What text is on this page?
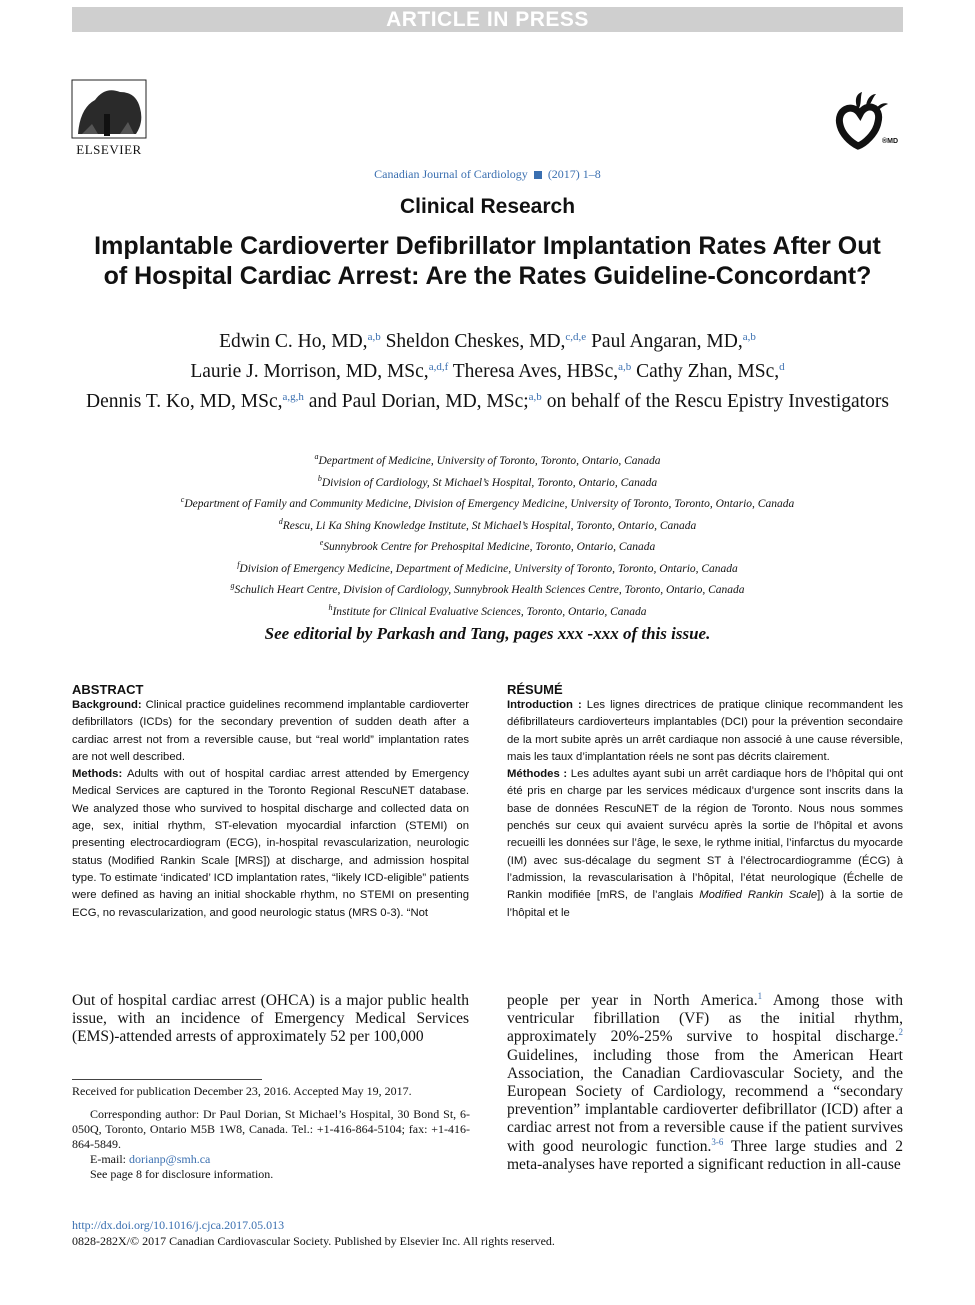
ARTICLE IN PRESS
ELSEVIER
®MD
Canadian Journal of Cardiology (2017) 1–8
Clinical Research
Implantable Cardioverter Defibrillator Implantation Rates After Out of Hospital Cardiac Arrest: Are the Rates Guideline-Concordant?
Edwin C. Ho, MD,$^{a,b}$ Sheldon Cheskes, MD,$^{c,d,e}$ Paul Angaran, MD,$^{a,b}$
Laurie J. Morrison, MD, MSc,$^{a,d,f}$ Theresa Aves, HBSc,$^{a,b}$ Cathy Zhan, MSc,$^d$
Dennis T. Ko, MD, MSc,$^{a,g,h}$ and Paul Dorian, MD, MSc;$^{a,b}$ on behalf of the Rescu Epistry Investigators
$^a$Department of Medicine, University of Toronto, Toronto, Ontario, Canada
$^b$Division of Cardiology, St Michael’s Hospital, Toronto, Ontario, Canada
$^c$Department of Family and Community Medicine, Division of Emergency Medicine, University of Toronto, Toronto, Ontario, Canada
$^d$Rescu, Li Ka Shing Knowledge Institute, St Michael’s Hospital, Toronto, Ontario, Canada
$^e$Sunnybrook Centre for Prehospital Medicine, Toronto, Ontario, Canada
$^f$Division of Emergency Medicine, Department of Medicine, University of Toronto, Toronto, Ontario, Canada
$^g$Schulich Heart Centre, Division of Cardiology, Sunnybrook Health Sciences Centre, Toronto, Ontario, Canada
$^h$Institute for Clinical Evaluative Sciences, Toronto, Ontario, Canada
See editorial by Parkash and Tang, pages xxx -xxx of this issue.
ABSTRACT

Background: Clinical practice guidelines recommend implantable cardioverter defibrillators (ICDs) for the secondary prevention of sudden death after a cardiac arrest not from a reversible cause, but “real world” implantation rates are not well described.

Methods: Adults with out of hospital cardiac arrest attended by Emergency Medical Services are captured in the Toronto Regional RescuNET database. We analyzed those who survived to hospital discharge and collected data on age, sex, initial rhythm, ST-elevation myocardial infarction (STEMI) on presenting electrocardiogram (ECG), in-hospital revascularization, neurologic status (Modified Rankin Scale [MRS]) at discharge, and admission hospital type. To estimate ‘indicated’ ICD implantation rates, “likely ICD-eligible” patients were defined as having an initial shockable rhythm, no STEMI on presenting ECG, no revascularization, and good neurologic status (MRS 0-3). “Not

RÉSUMÉ

Introduction : Les lignes directrices de pratique clinique recommandent les défibrillateurs cardioverteurs implantables (DCI) pour la prévention secondaire de la mort subite après un arrêt cardiaque non associé à une cause réversible, mais les taux d’implantation réels ne sont pas décrits clairement.

Méthodes : Les adultes ayant subi un arrêt cardiaque hors de l’hôpital qui ont été pris en charge par les services médicaux d’urgence sont inscrits dans la base de données RescuNET de la région de Toronto. Nous nous sommes penchés sur ceux qui avaient survécu après la sortie de l’hôpital et avons recueilli les données sur l’âge, le sexe, le rythme initial, l’infarctus du myocarde (IM) avec sus-décalage du segment ST à l’électrocardiogramme (ÉCG) à l’admission, la revascularisation à l’hôpital, l’état neurologique (Échelle de Rankin modifiée [mRS, de l’anglais Modified Rankin Scale]) à la sortie de l’hôpital et le

Out of hospital cardiac arrest (OHCA) is a major public health issue, with an incidence of Emergency Medical Services (EMS)-attended arrests of approximately 52 per 100,000
people per year in North America.$^1$ Among those with ventricular fibrillation (VF) as the initial rhythm, approximately 20%-25% survive to hospital discharge.$^2$ Guidelines, including those from the American Heart Association, the Canadian Cardiovascular Society, and the European Society of Cardiology, recommend a “secondary prevention” implantable cardioverter defibrillator (ICD) after a cardiac arrest not from a reversible cause if the patient survives with good neurologic function.$^{3-6}$ Three large studies and 2 meta-analyses have reported a significant reduction in all-cause

Received for publication December 23, 2016. Accepted May 19, 2017.

Corresponding author: Dr Paul Dorian, St Michael’s Hospital, 30 Bond St, 6-050Q, Toronto, Ontario M5B 1W8, Canada. Tel.: +1-416-864-5104; fax: +1-416-864-5849.

E-mail: dorianp@smh.ca

See page 8 for disclosure information.

http://dx.doi.org/10.1016/j.cjca.2017.05.013
0828-282X/© 2017 Canadian Cardiovascular Society. Published by Elsevier Inc. All rights reserved.
